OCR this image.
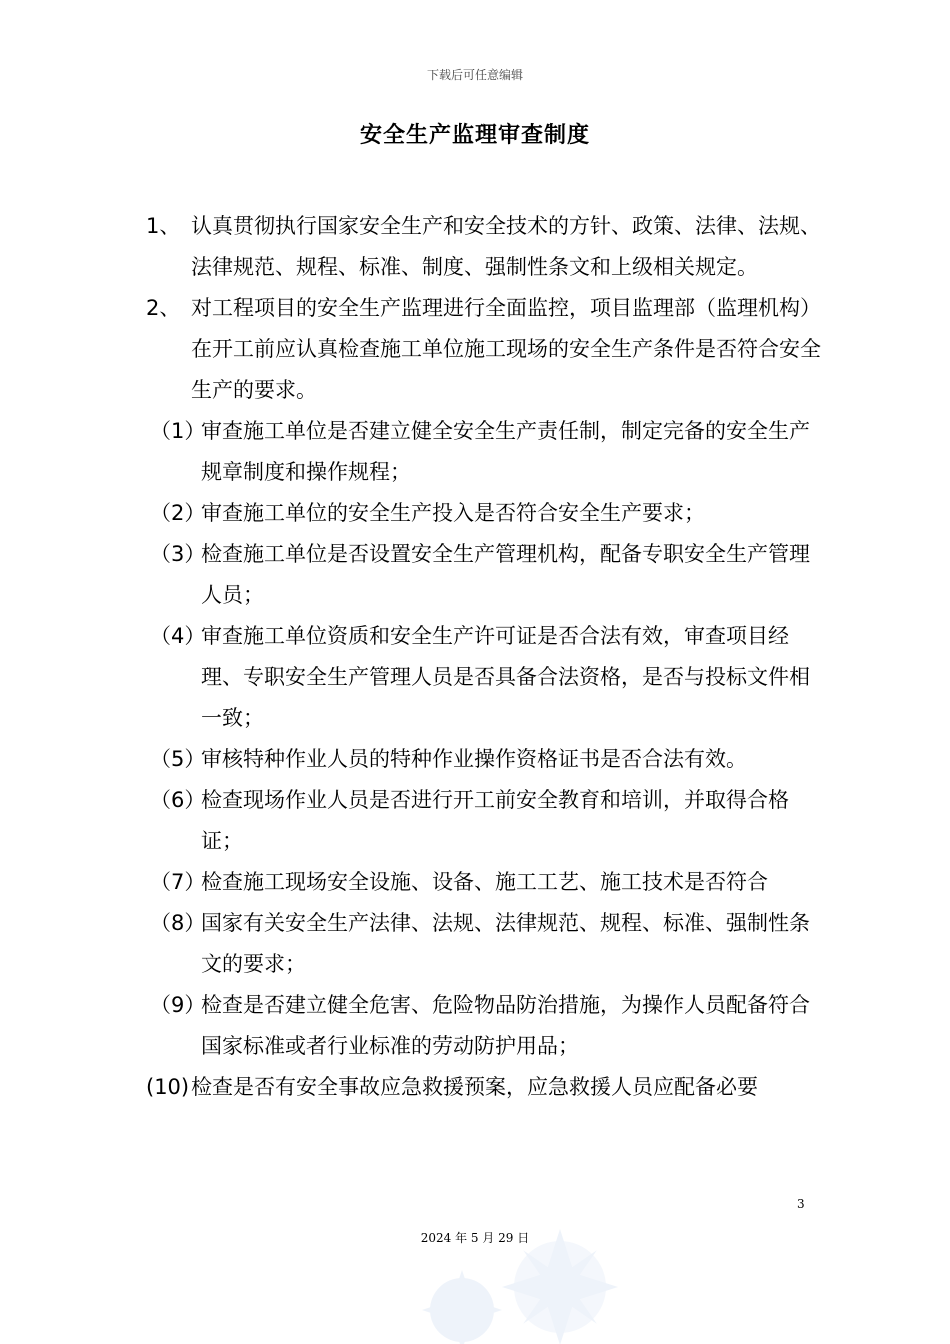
下载后可任意编辑
安全生产监理审查制度
1、 认真贯彻执行国家安全生产和安全技术的方针、政策、法律、法规、法律规范、规程、标准、制度、强制性条文和上级相关规定。
2、 对工程项目的安全生产监理进行全面监控，项目监理部（监理机构）在开工前应认真检查施工单位施工现场的安全生产条件是否符合安全生产的要求。
（1）
审查施工单位是否建立健全安全生产责任制，制定完备的安全生产规章制度和操作规程；
（2）
审查施工单位的安全生产投入是否符合安全生产要求；
（3）
检查施工单位是否设置安全生产管理机构，配备专职安全生产管理人员；
（4）
审查施工单位资质和安全生产许可证是否合法有效，审查项目经理、专职安全生产管理人员是否具备合法资格，是否与投标文件相一致；
（5）
审核特种作业人员的特种作业操作资格证书是否合法有效。
（6）
检查现场作业人员是否进行开工前安全教育和培训，并取得合格证；
（7）
检查施工现场安全设施、设备、施工工艺、施工技术是否符合
（8）
国家有关安全生产法律、法规、法律规范、规程、标准、强制性条文的要求；
（9）
检查是否建立健全危害、危险物品防治措施，为操作人员配备符合国家标准或者行业标准的劳动防护用品；
(10) 检查是否有安全事故应急救援预案，应急救援人员应配备必要
3
2024 年 5 月 29 日
